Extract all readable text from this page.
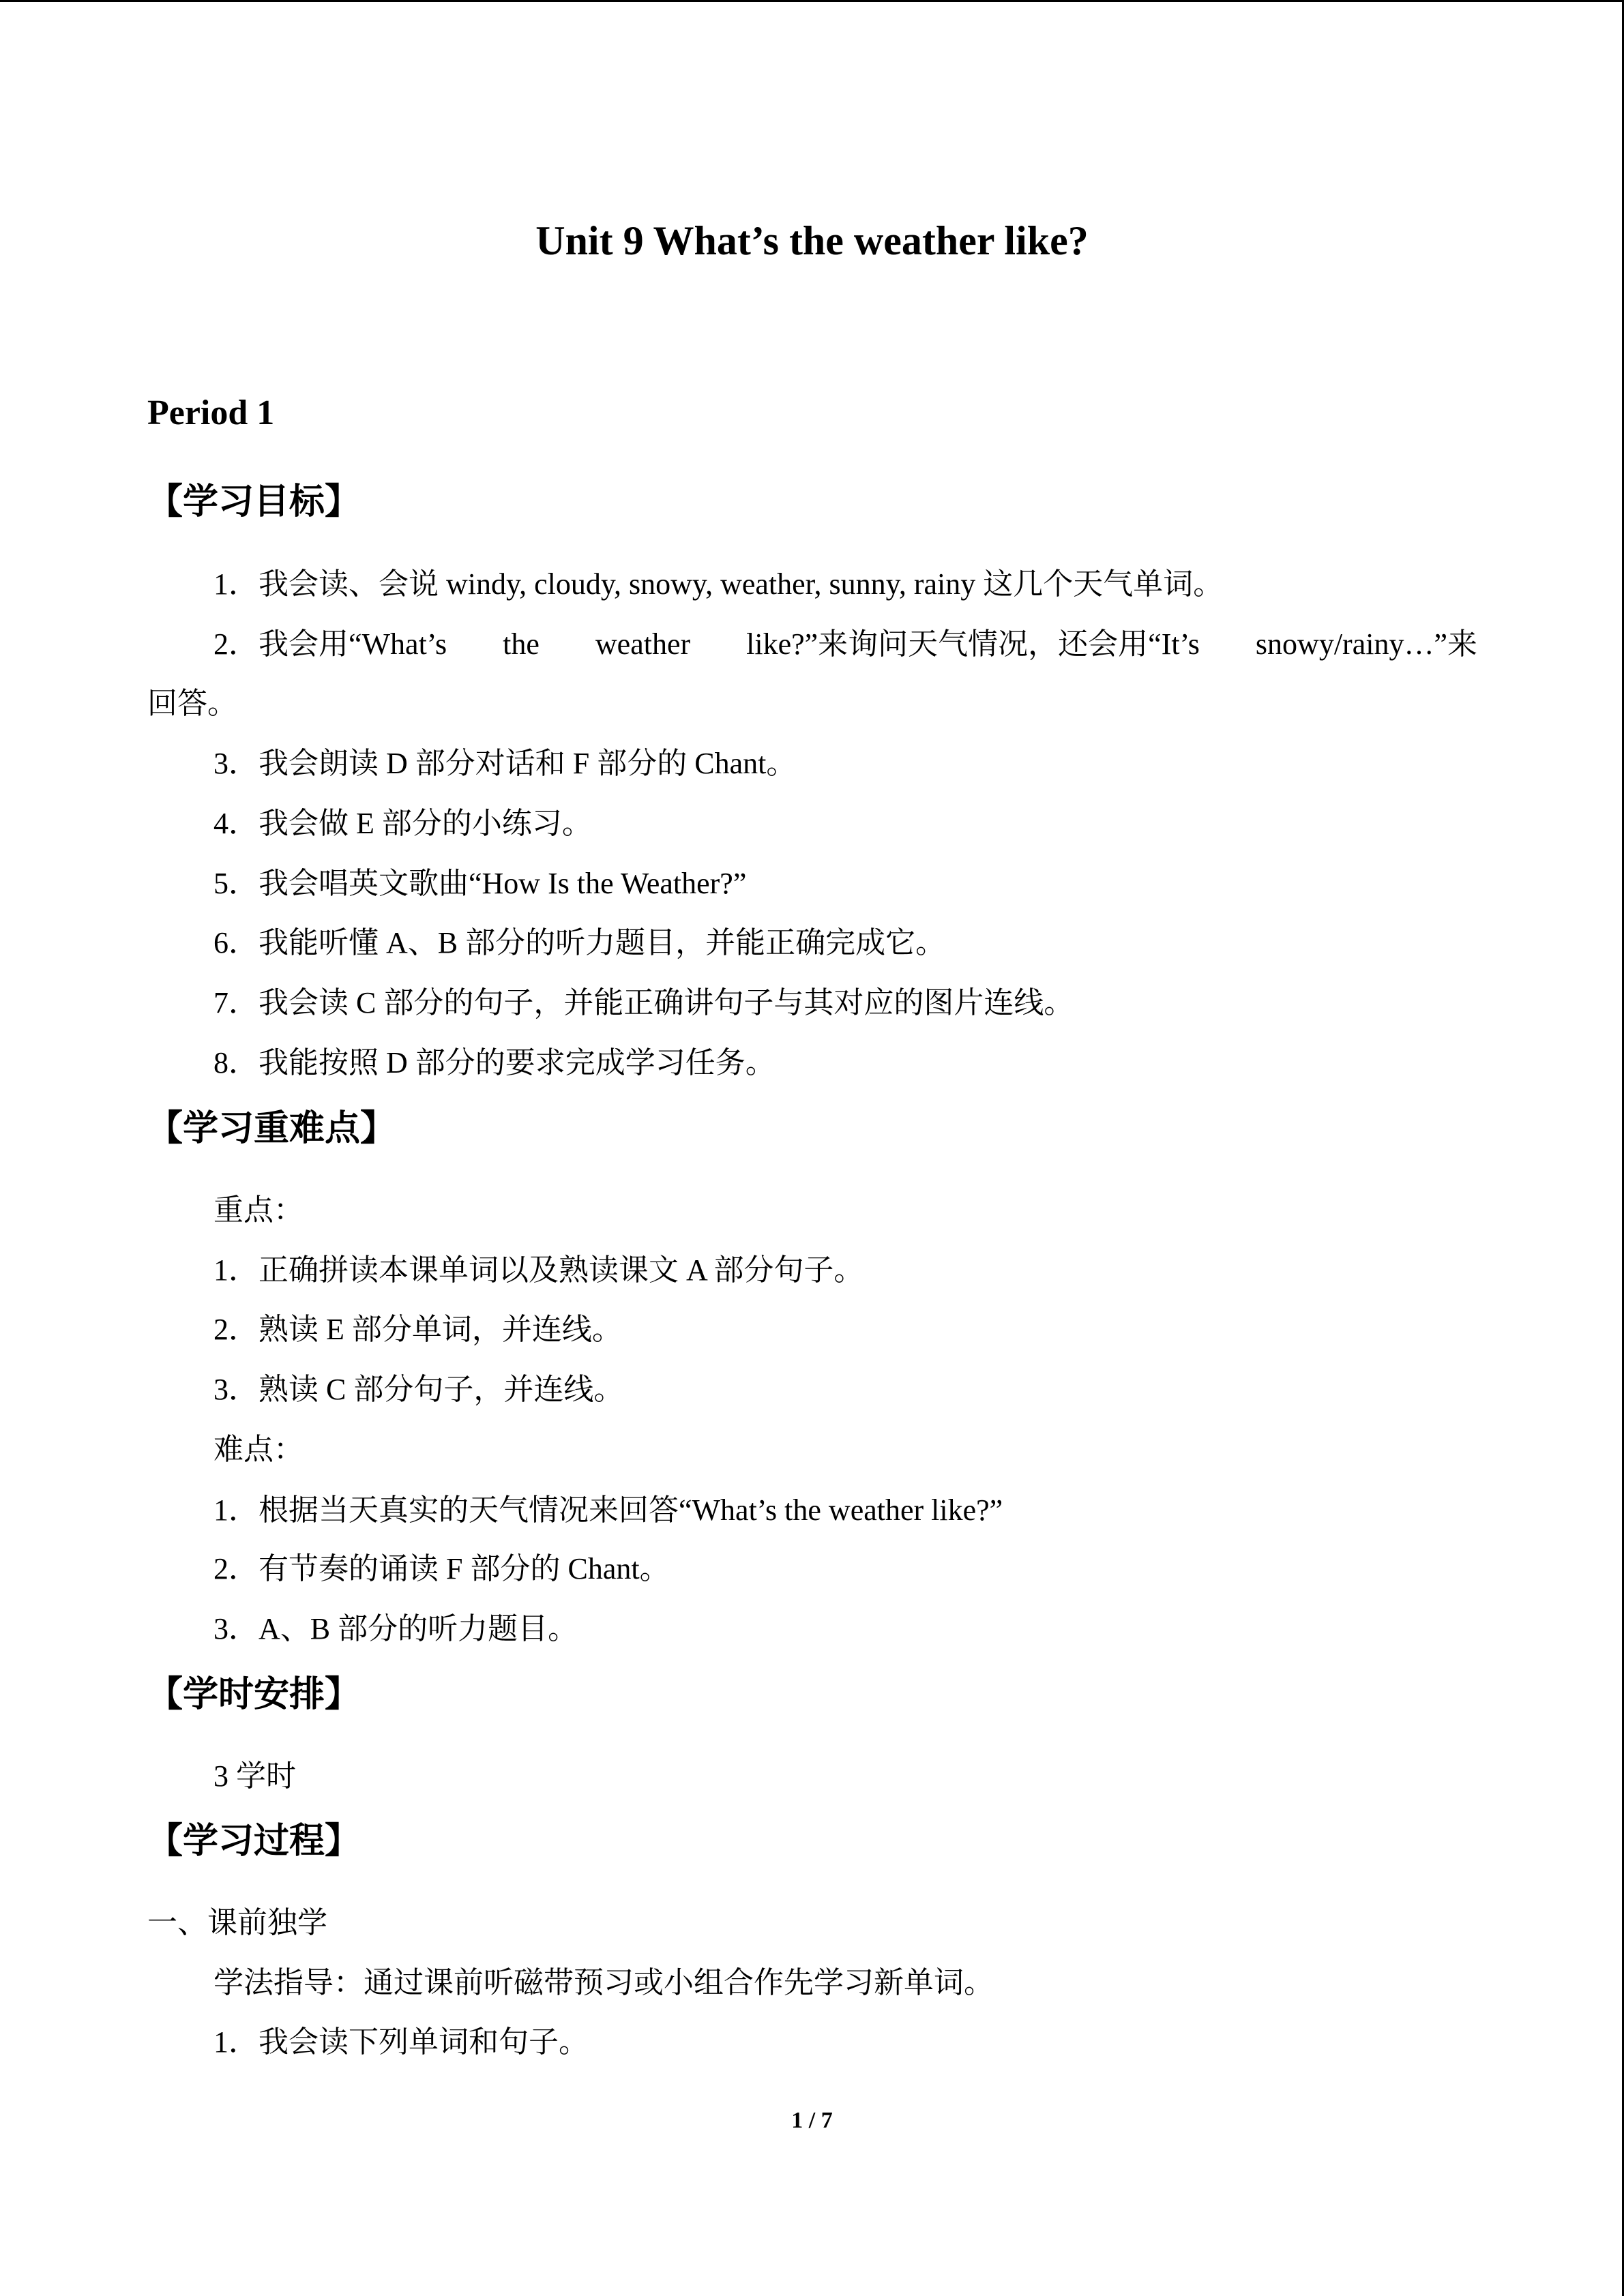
Unit 9 What’s the weather like?
Period 1
【学习目标】
1．我会读、会说 windy, cloudy, snowy, weather, sunny, rainy 这几个天气单词。
2．我会用“What’s the weather like?”来询问天气情况，还会用“It’s snowy/rainy…”来
回答。
3．我会朗读 D 部分对话和 F 部分的 Chant。
4．我会做 E 部分的小练习。
5．我会唱英文歌曲“How Is the Weather?”
6．我能听懂 A、B 部分的听力题目，并能正确完成它。
7．我会读 C 部分的句子，并能正确讲句子与其对应的图片连线。
8．我能按照 D 部分的要求完成学习任务。
【学习重难点】
重点：
1．正确拼读本课单词以及熟读课文 A 部分句子。
2．熟读 E 部分单词，并连线。
3．熟读 C 部分句子，并连线。
难点：
1．根据当天真实的天气情况来回答“What’s the weather like?”
2．有节奏的诵读 F 部分的 Chant。
3．A、B 部分的听力题目。
【学时安排】
3 学时
【学习过程】
一、课前独学
学法指导：通过课前听磁带预习或小组合作先学习新单词。
1．我会读下列单词和句子。
1 / 7
